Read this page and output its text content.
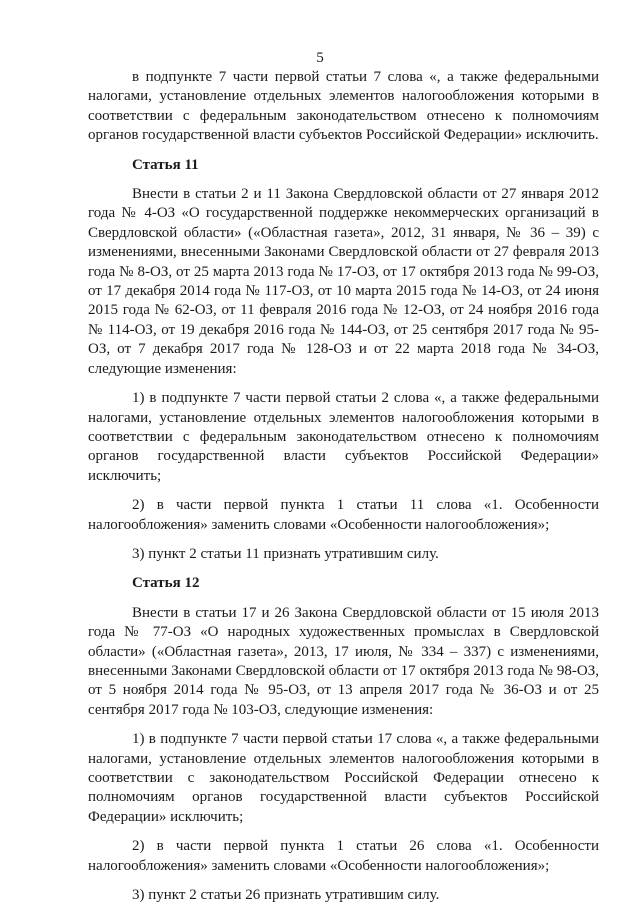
5

в подпункте 7 части первой статьи 7 слова «, а также федеральными налогами, установление отдельных элементов налогообложения которыми в соответствии с федеральным законодательством отнесено к полномочиям органов государственной власти субъектов Российской Федерации» исключить.

Статья 11

Внести в статьи 2 и 11 Закона Свердловской области от 27 января 2012 года № 4-ОЗ «О государственной поддержке некоммерческих организаций в Свердловской области» («Областная газета», 2012, 31 января, № 36 – 39) с изменениями, внесенными Законами Свердловской области от 27 февраля 2013 года № 8-ОЗ, от 25 марта 2013 года № 17-ОЗ, от 17 октября 2013 года № 99-ОЗ, от 17 декабря 2014 года № 117-ОЗ, от 10 марта 2015 года № 14-ОЗ, от 24 июня 2015 года № 62-ОЗ, от 11 февраля 2016 года № 12-ОЗ, от 24 ноября 2016 года № 114-ОЗ, от 19 декабря 2016 года № 144-ОЗ, от 25 сентября 2017 года № 95-ОЗ, от 7 декабря 2017 года № 128-ОЗ и от 22 марта 2018 года № 34-ОЗ, следующие изменения:

1) в подпункте 7 части первой статьи 2 слова «, а также федеральными налогами, установление отдельных элементов налогообложения которыми в соответствии с федеральным законодательством отнесено к полномочиям органов государственной власти субъектов Российской Федерации» исключить;

2) в части первой пункта 1 статьи 11 слова «1. Особенности налогообложения» заменить словами «Особенности налогообложения»;

3) пункт 2 статьи 11 признать утратившим силу.

Статья 12

Внести в статьи 17 и 26 Закона Свердловской области от 15 июля 2013 года № 77-ОЗ «О народных художественных промыслах в Свердловской области» («Областная газета», 2013, 17 июля, № 334 – 337) с изменениями, внесенными Законами Свердловской области от 17 октября 2013 года № 98-ОЗ, от 5 ноября 2014 года № 95-ОЗ, от 13 апреля 2017 года № 36-ОЗ и от 25 сентября 2017 года № 103-ОЗ, следующие изменения:

1) в подпункте 7 части первой статьи 17 слова «, а также федеральными налогами, установление отдельных элементов налогообложения которыми в соответствии с законодательством Российской Федерации отнесено к полномочиям органов государственной власти субъектов Российской Федерации» исключить;

2) в части первой пункта 1 статьи 26 слова «1. Особенности налогообложения» заменить словами «Особенности налогообложения»;

3) пункт 2 статьи 26 признать утратившим силу.
